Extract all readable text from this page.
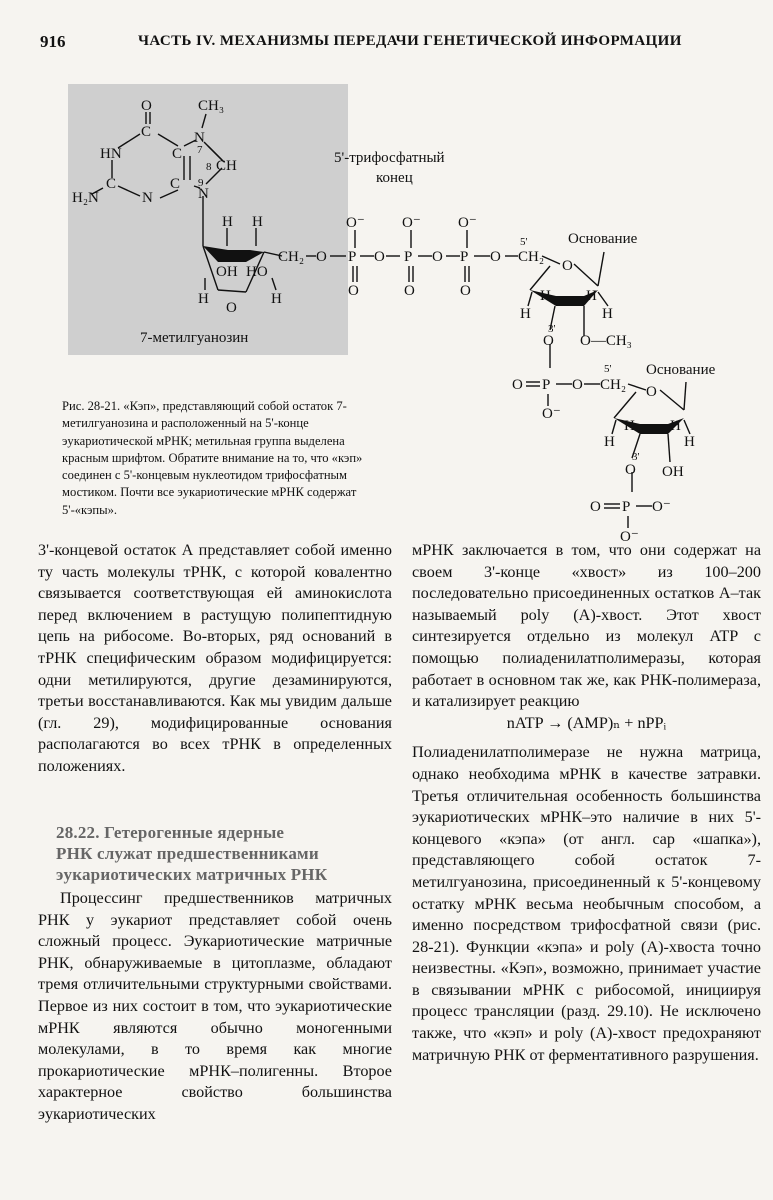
916	ЧАСТЬ IV. МЕХАНИЗМЫ ПЕРЕДАЧИ ГЕНЕТИЧЕСКОЙ ИНФОРМАЦИИ
O
C
HN	C
N
CH₃
7
8 CH
C	C 9
N
H₂N	N
H H
OH HO
H	H
O
CH₂ O
O⁻
P
O
O
O⁻
P
O
O
O⁻
P
O
O
5'
CH₂
O
H
H H
H
3'
O O—CH₃
O P O
O⁻
5'
CH₂ O
H
H H
H
3'
O OH
O P O⁻
O⁻
Основание
Основание
5'-трифосфатный
конец
7-метилгуанозин
Рис. 28-21. «Кэп», представляющий собой остаток 7-метилгуанозина и расположенный на 5'-конце эукариотической мРНК; метильная группа выделена красным шрифтом. Обратите внимание на то, что «кэп» соединен с 5'-концевым нуклеотидом трифосфатным мостиком. Почти все эукариотические мРНК содержат 5'-«кэпы».

3'-концевой остаток А представляет собой именно ту часть молекулы тРНК, с которой ковалентно связывается соответствующая ей аминокислота перед включением в растущую полипептидную цепь на рибосоме. Во-вторых, ряд оснований в тРНК специфическим образом модифицируется: одни метилируются, другие дезаминируются, третьи восстанавливаются. Как мы увидим дальше (гл. 29), модифицированные основания располагаются во всех тРНК в определенных положениях.

28.22. Гетерогенные ядерные
РНК служат предшественниками
эукариотических матричных РНК

Процессинг предшественников матричных РНК у эукариот представляет собой очень сложный процесс. Эукариотические матричные РНК, обнаруживаемые в цитоплазме, обладают тремя отличительными структурными свойствами. Первое из них состоит в том, что эукариотические мРНК являются обычно моногенными молекулами, в то время как многие прокариотические мРНК–полигенны. Второе характерное свойство большинства эукариотических

мРНК заключается в том, что они содержат на своем 3'-конце «хвост» из 100–200 последовательно присоединенных остатков А–так называемый poly (A)-хвост. Этот хвост синтезируется отдельно из молекул ATP с помощью полиаденилатполимеразы, которая работает в основном так же, как РНК-полимераза, и катализирует реакцию

nATP → (AMP)ₙ + nPPᵢ

Полиаденилатполимеразе не нужна матрица, однако необходима мРНК в качестве затравки. Третья отличительная особенность большинства эукариотических мРНК–это наличие в них 5'-концевого «кэпа» (от англ. cap «шапка»), представляющего собой остаток 7-метилгуанозина, присоединенный к 5'-концевому остатку мРНК весьма необычным способом, а именно посредством трифосфатной связи (рис. 28-21). Функции «кэпа» и poly (A)-хвоста точно неизвестны. «Кэп», возможно, принимает участие в связывании мРНК с рибосомой, инициируя процесс трансляции (разд. 29.10). Не исключено также, что «кэп» и poly (A)-хвост предохраняют матричную РНК от ферментативного разрушения.
